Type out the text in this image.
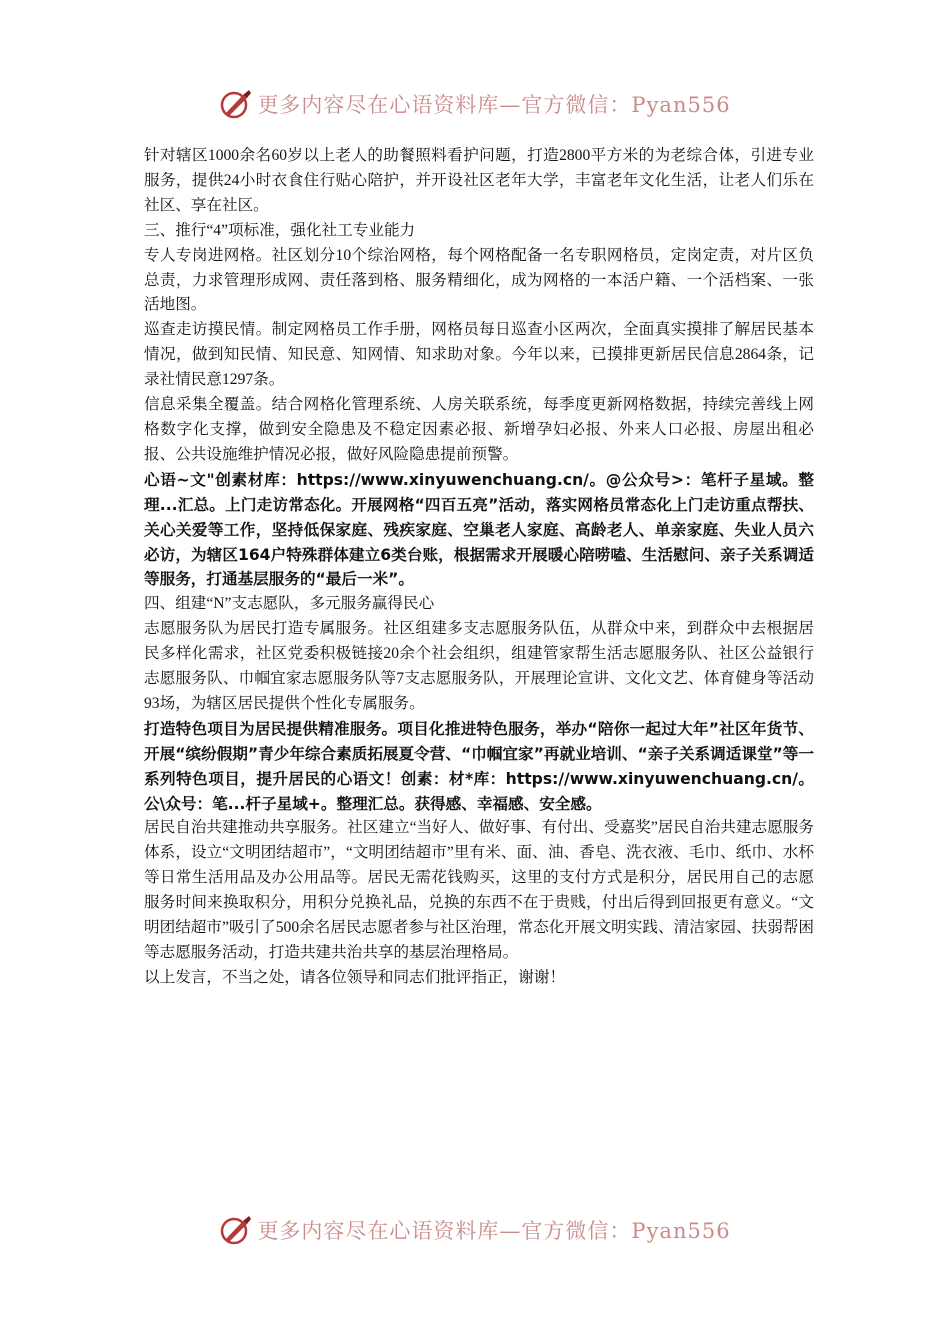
更多内容尽在心语资料库—官方微信：Pyan556

针对辖区1000余名60岁以上老人的助餐照料看护问题，打造2800平方米的为老综合体，引进专业服务，提供24小时衣食住行贴心陪护，并开设社区老年大学，丰富老年文化生活，让老人们乐在社区、享在社区。

三、推行“4”项标准，强化社工专业能力

专人专岗进网格。社区划分10个综治网格，每个网格配备一名专职网格员，定岗定责，对片区负总责，力求管理形成网、责任落到格、服务精细化，成为网格的一本活户籍、一个活档案、一张活地图。

巡查走访摸民情。制定网格员工作手册，网格员每日巡查小区两次，全面真实摸排了解居民基本情况，做到知民情、知民意、知网情、知求助对象。今年以来，已摸排更新居民信息2864条，记录社情民意1297条。

信息采集全覆盖。结合网格化管理系统、人房关联系统，每季度更新网格数据，持续完善线上网格数字化支撑，做到安全隐患及不稳定因素必报、新增孕妇必报、外来人口必报、房屋出租必报、公共设施维护情况必报，做好风险隐患提前预警。

心语~文"创素材库：https://www.xinyuwenchuang.cn/。@公众号>：笔杆子星域。整理...汇总。上门走访常态化。开展网格“四百五亮”活动，落实网格员常态化上门走访重点帮扶、关心关爱等工作，坚持低保家庭、残疾家庭、空巢老人家庭、高龄老人、单亲家庭、失业人员六必访，为辖区164户特殊群体建立6类台账，根据需求开展暖心陪唠嗑、生活慰问、亲子关系调适等服务，打通基层服务的“最后一米”。

四、组建“N”支志愿队，多元服务赢得民心

志愿服务队为居民打造专属服务。社区组建多支志愿服务队伍，从群众中来，到群众中去根据居民多样化需求，社区党委积极链接20余个社会组织，组建管家帮生活志愿服务队、社区公益银行志愿服务队、巾帼宜家志愿服务队等7支志愿服务队，开展理论宣讲、文化文艺、体育健身等活动93场，为辖区居民提供个性化专属服务。

打造特色项目为居民提供精准服务。项目化推进特色服务，举办“陪你一起过大年”社区年货节、开展“缤纷假期”青少年综合素质拓展夏令营、“巾帼宜家”再就业培训、“亲子关系调适课堂”等一系列特色项目，提升居民的心语文！创素：材*库：https://www.xinyuwenchuang.cn/。公\众号：笔...杆子星域+。整理汇总。获得感、幸福感、安全感。

居民自治共建推动共享服务。社区建立“当好人、做好事、有付出、受嘉奖”居民自治共建志愿服务体系，设立“文明团结超市”，“文明团结超市”里有米、面、油、香皂、洗衣液、毛巾、纸巾、水杯等日常生活用品及办公用品等。居民无需花钱购买，这里的支付方式是积分，居民用自己的志愿服务时间来换取积分，用积分兑换礼品，兑换的东西不在于贵贱，付出后得到回报更有意义。“文明团结超市”吸引了500余名居民志愿者参与社区治理，常态化开展文明实践、清洁家园、扶弱帮困等志愿服务活动，打造共建共治共享的基层治理格局。

以上发言，不当之处，请各位领导和同志们批评指正，谢谢！

更多内容尽在心语资料库—官方微信：Pyan556
